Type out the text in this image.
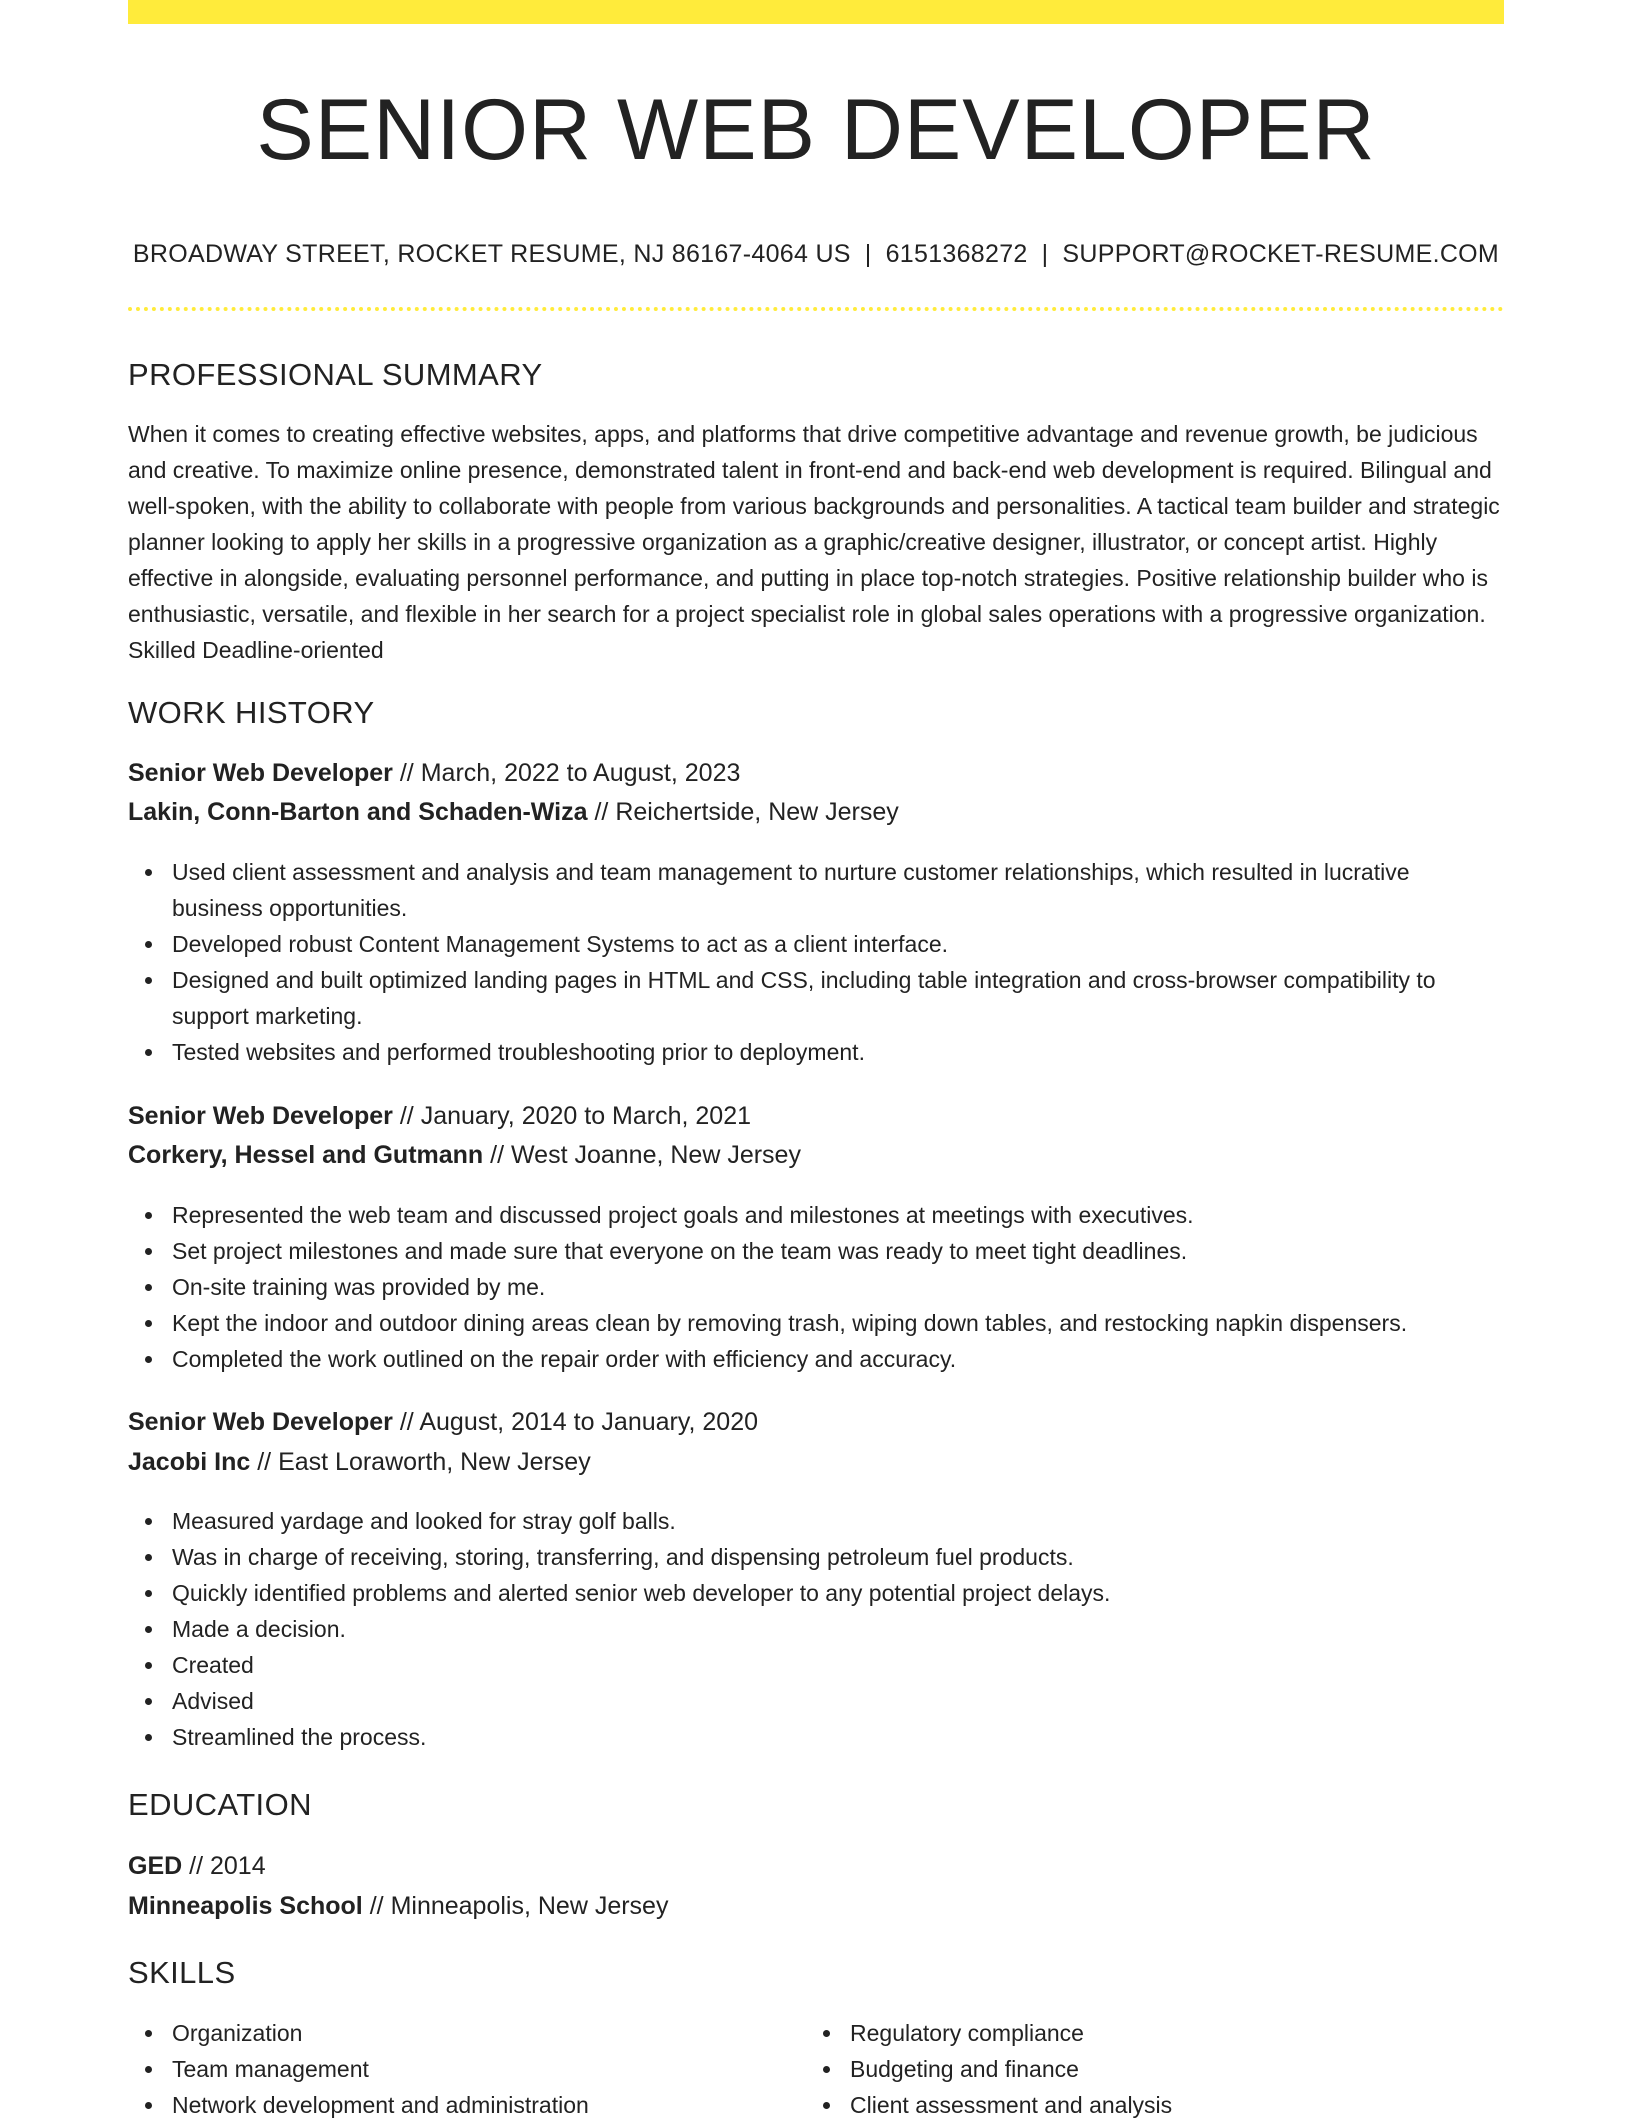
SENIOR WEB DEVELOPER
BROADWAY STREET, ROCKET RESUME, NJ 86167-4064 US | 6151368272 | SUPPORT@ROCKET-RESUME.COM
PROFESSIONAL SUMMARY

When it comes to creating effective websites, apps, and platforms that drive competitive advantage and revenue growth, be judicious and creative. To maximize online presence, demonstrated talent in front-end and back-end web development is required. Bilingual and well-spoken, with the ability to collaborate with people from various backgrounds and personalities. A tactical team builder and strategic planner looking to apply her skills in a progressive organization as a graphic/creative designer, illustrator, or concept artist. Highly effective in alongside, evaluating personnel performance, and putting in place top-notch strategies. Positive relationship builder who is enthusiastic, versatile, and flexible in her search for a project specialist role in global sales operations with a progressive organization. Skilled Deadline-oriented

WORK HISTORY
Senior Web Developer // March, 2022 to August, 2023
Lakin, Conn-Barton and Schaden-Wiza // Reichertside, New Jersey
Used client assessment and analysis and team management to nurture customer relationships, which resulted in lucrative business opportunities.
Developed robust Content Management Systems to act as a client interface.
Designed and built optimized landing pages in HTML and CSS, including table integration and cross-browser compatibility to support marketing.
Tested websites and performed troubleshooting prior to deployment.
Senior Web Developer // January, 2020 to March, 2021
Corkery, Hessel and Gutmann // West Joanne, New Jersey
Represented the web team and discussed project goals and milestones at meetings with executives.
Set project milestones and made sure that everyone on the team was ready to meet tight deadlines.
On-site training was provided by me.
Kept the indoor and outdoor dining areas clean by removing trash, wiping down tables, and restocking napkin dispensers.
Completed the work outlined on the repair order with efficiency and accuracy.
Senior Web Developer // August, 2014 to January, 2020
Jacobi Inc // East Loraworth, New Jersey
Measured yardage and looked for stray golf balls.
Was in charge of receiving, storing, transferring, and dispensing petroleum fuel products.
Quickly identified problems and alerted senior web developer to any potential project delays.
Made a decision.
Created
Advised
Streamlined the process.
EDUCATION
GED // 2014
Minneapolis School // Minneapolis, New Jersey
SKILLS
Organization
Team management
Network development and administration
Regulatory compliance
Budgeting and finance
Client assessment and analysis
